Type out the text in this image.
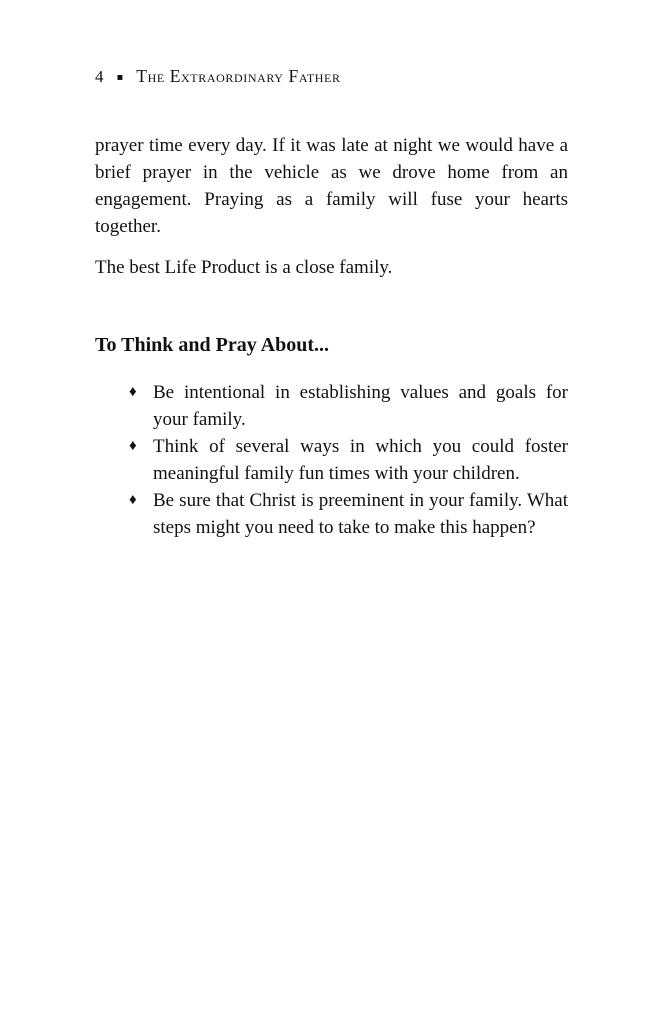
4 ▪ The Extraordinary Father

prayer time every day. If it was late at night we would have a brief prayer in the vehicle as we drove home from an engagement. Praying as a family will fuse your hearts together.

The best Life Product is a close family.

To Think and Pray About...
♦ Be intentional in establishing values and goals for your family.
♦ Think of several ways in which you could foster meaningful family fun times with your children.
♦ Be sure that Christ is preeminent in your family. What steps might you need to take to make this happen?
